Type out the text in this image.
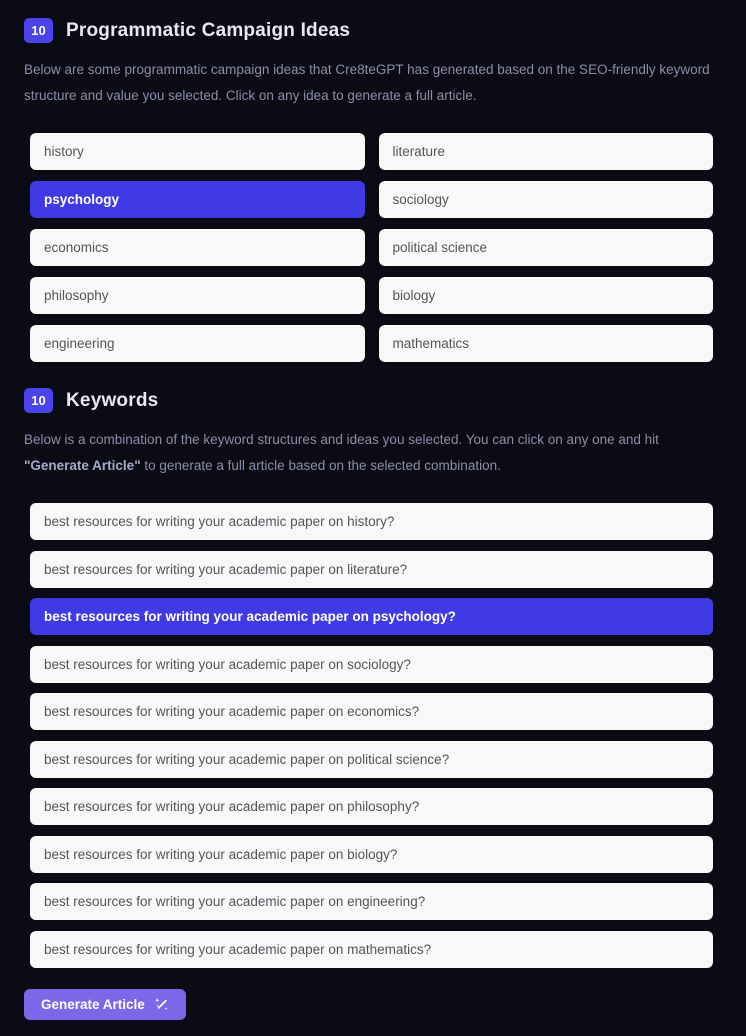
10	Programmatic Campaign Ideas

Below are some programmatic campaign ideas that Cre8teGPT has generated based on the SEO-friendly keyword structure and value you selected. Click on any idea to generate a full article.

history	literature
psychology	sociology
economics	political science
philosophy	biology
engineering	mathematics
10	Keywords

Below is a combination of the keyword structures and ideas you selected. You can click on any one and hit "Generate Article" to generate a full article based on the selected combination.

best resources for writing your academic paper on history?
best resources for writing your academic paper on literature?
best resources for writing your academic paper on psychology?
best resources for writing your academic paper on sociology?
best resources for writing your academic paper on economics?
best resources for writing your academic paper on political science?
best resources for writing your academic paper on philosophy?
best resources for writing your academic paper on biology?
best resources for writing your academic paper on engineering?
best resources for writing your academic paper on mathematics?
Generate Article
